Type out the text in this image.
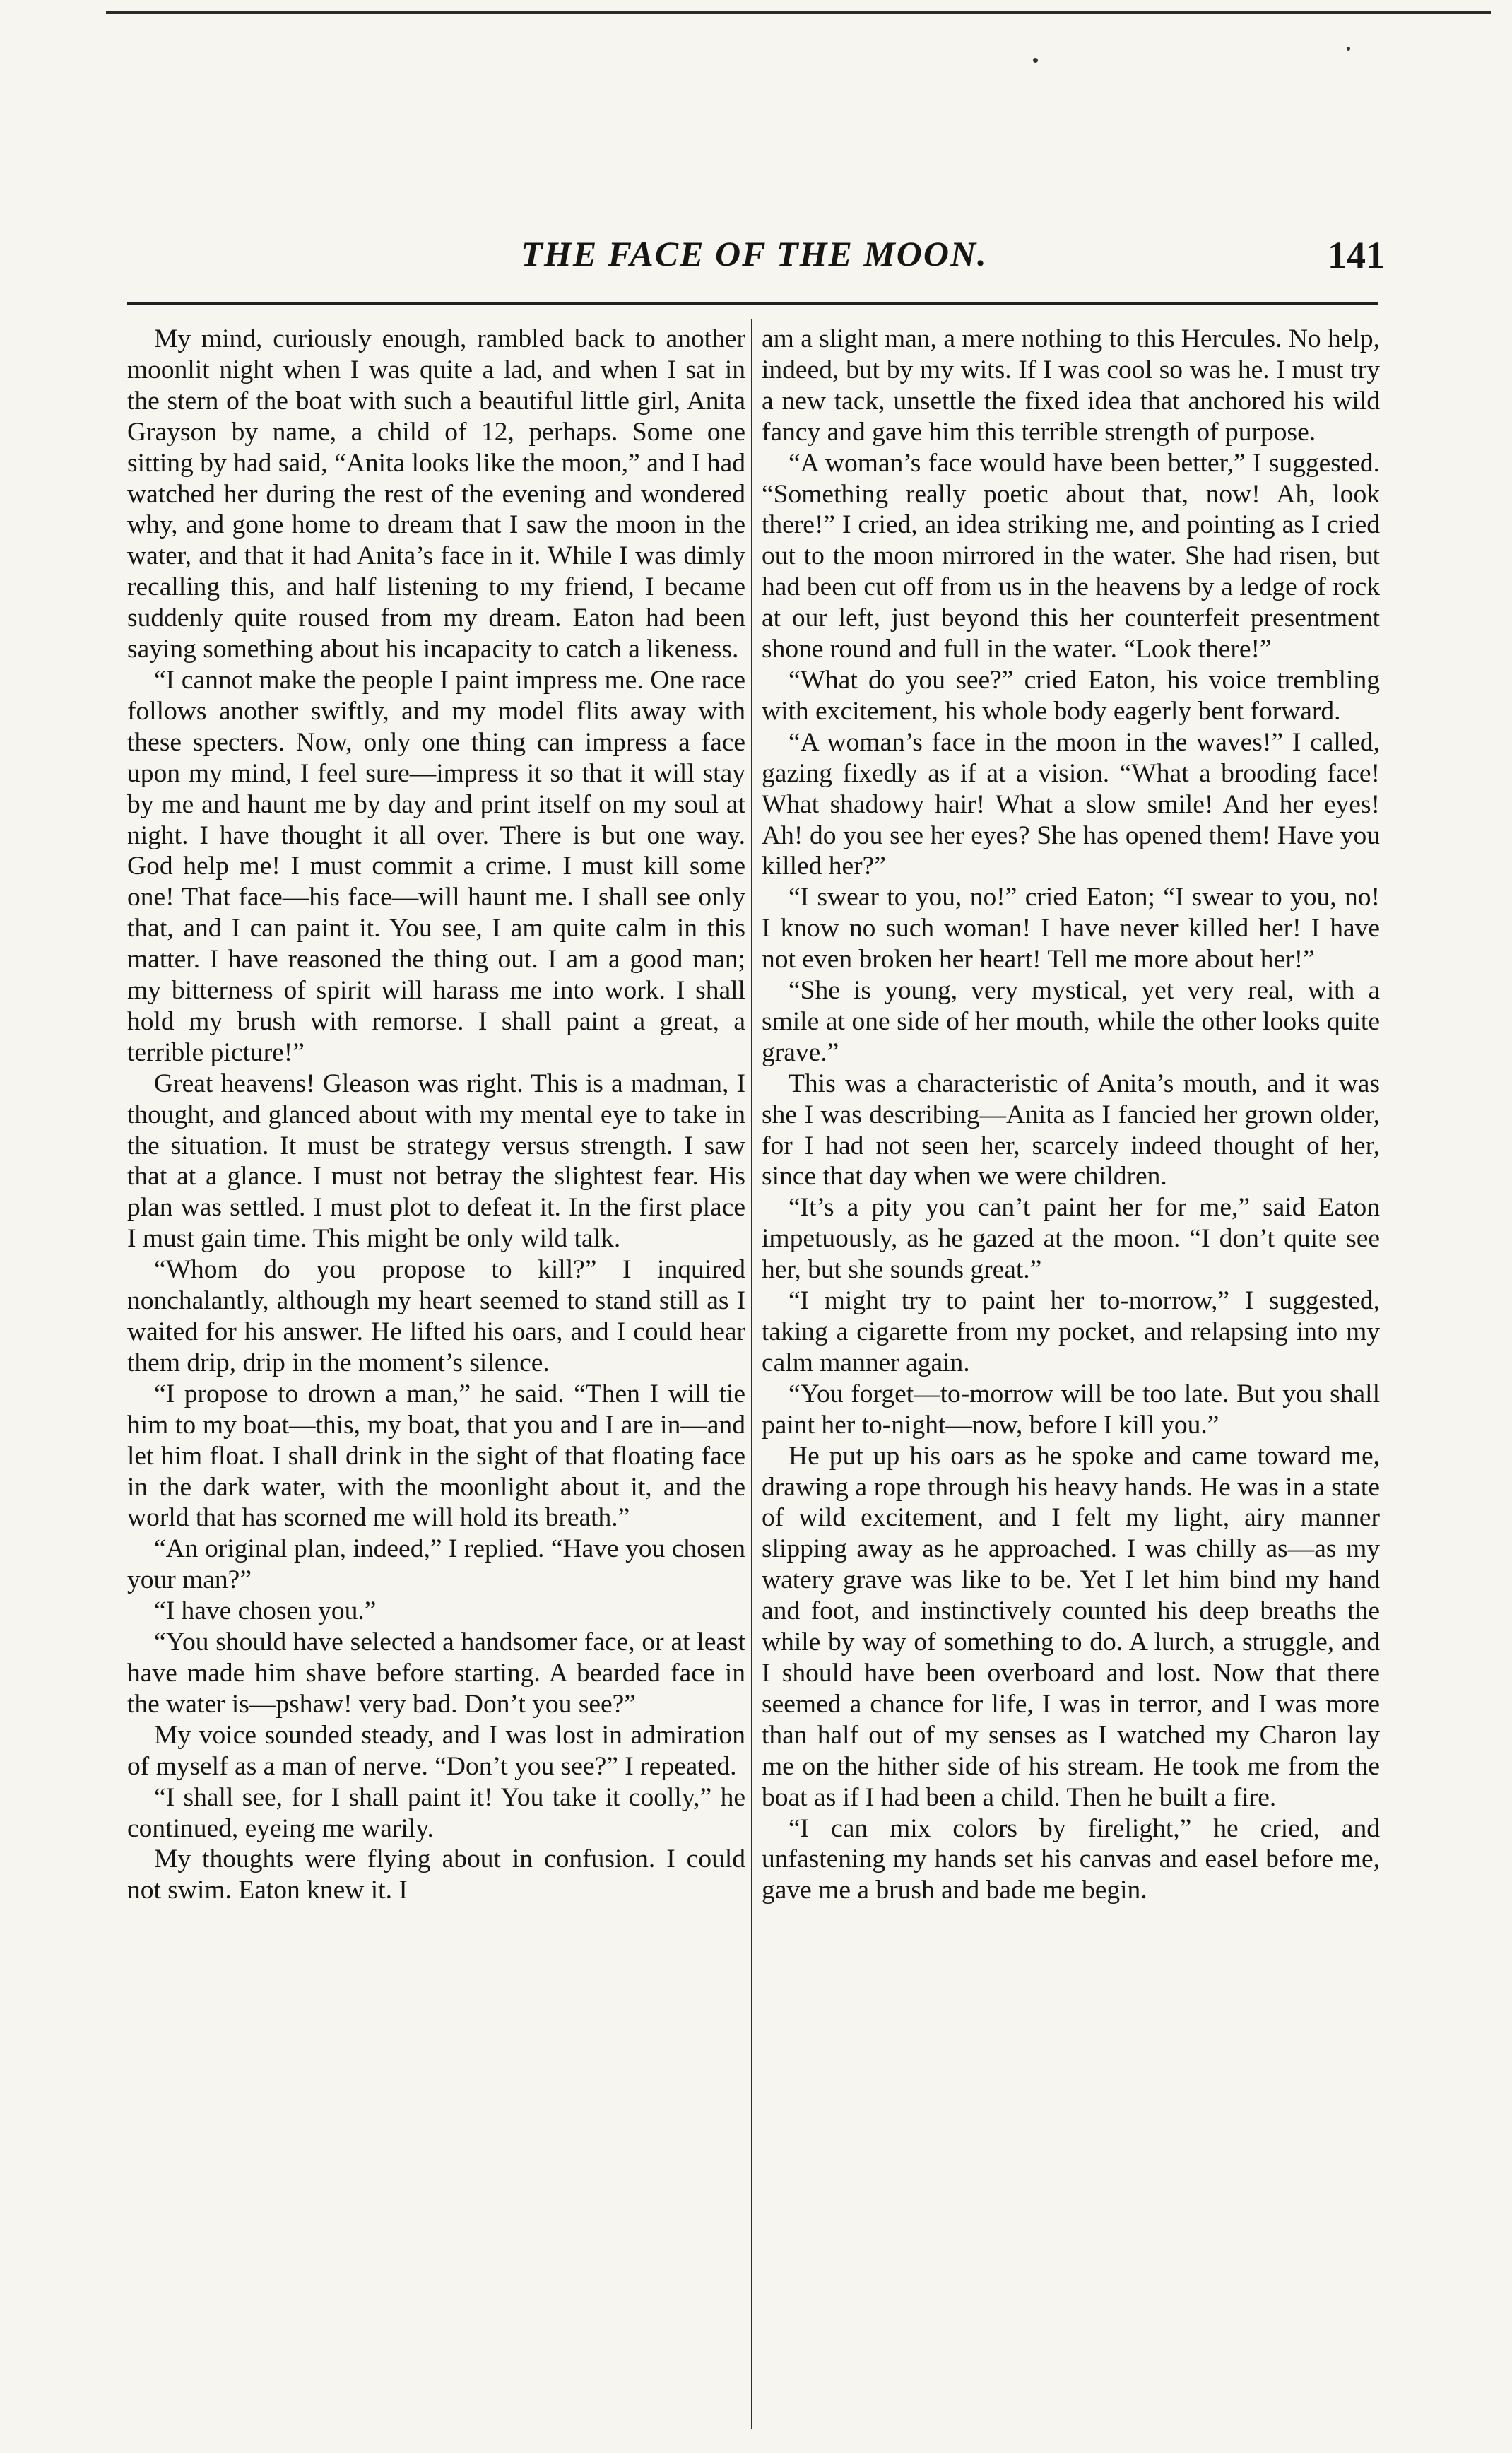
THE FACE OF THE MOON.	141

My mind, curiously enough, rambled back to another moonlit night when I was quite a lad, and when I sat in the stern of the boat with such a beautiful little girl, Anita Grayson by name, a child of 12, perhaps. Some one sitting by had said, “Anita looks like the moon,” and I had watched her during the rest of the evening and wondered why, and gone home to dream that I saw the moon in the water, and that it had Anita’s face in it. While I was dimly recalling this, and half listening to my friend, I became suddenly quite roused from my dream. Eaton had been saying something about his incapacity to catch a likeness.

“I cannot make the people I paint impress me. One race follows another swiftly, and my model flits away with these specters. Now, only one thing can impress a face upon my mind, I feel sure—impress it so that it will stay by me and haunt me by day and print itself on my soul at night. I have thought it all over. There is but one way. God help me! I must commit a crime. I must kill some one! That face—his face—will haunt me. I shall see only that, and I can paint it. You see, I am quite calm in this matter. I have reasoned the thing out. I am a good man; my bitterness of spirit will harass me into work. I shall hold my brush with remorse. I shall paint a great, a terrible picture!”

Great heavens! Gleason was right. This is a madman, I thought, and glanced about with my mental eye to take in the situation. It must be strategy versus strength. I saw that at a glance. I must not betray the slightest fear. His plan was settled. I must plot to defeat it. In the first place I must gain time. This might be only wild talk.

“Whom do you propose to kill?” I inquired nonchalantly, although my heart seemed to stand still as I waited for his answer. He lifted his oars, and I could hear them drip, drip in the moment’s silence.

“I propose to drown a man,” he said. “Then I will tie him to my boat—this, my boat, that you and I are in—and let him float. I shall drink in the sight of that floating face in the dark water, with the moonlight about it, and the world that has scorned me will hold its breath.”

“An original plan, indeed,” I replied. “Have you chosen your man?”

“I have chosen you.”

“You should have selected a handsomer face, or at least have made him shave before starting. A bearded face in the water is—pshaw! very bad. Don’t you see?”

My voice sounded steady, and I was lost in admiration of myself as a man of nerve. “Don’t you see?” I repeated.

“I shall see, for I shall paint it! You take it coolly,” he continued, eyeing me warily.

My thoughts were flying about in confusion. I could not swim. Eaton knew it. I

am a slight man, a mere nothing to this Hercules. No help, indeed, but by my wits. If I was cool so was he. I must try a new tack, unsettle the fixed idea that anchored his wild fancy and gave him this terrible strength of purpose.

“A woman’s face would have been better,” I suggested. “Something really poetic about that, now! Ah, look there!” I cried, an idea striking me, and pointing as I cried out to the moon mirrored in the water. She had risen, but had been cut off from us in the heavens by a ledge of rock at our left, just beyond this her counterfeit presentment shone round and full in the water. “Look there!”

“What do you see?” cried Eaton, his voice trembling with excitement, his whole body eagerly bent forward.

“A woman’s face in the moon in the waves!” I called, gazing fixedly as if at a vision. “What a brooding face! What shadowy hair! What a slow smile! And her eyes! Ah! do you see her eyes? She has opened them! Have you killed her?”

“I swear to you, no!” cried Eaton; “I swear to you, no! I know no such woman! I have never killed her! I have not even broken her heart! Tell me more about her!”

“She is young, very mystical, yet very real, with a smile at one side of her mouth, while the other looks quite grave.”

This was a characteristic of Anita’s mouth, and it was she I was describing—Anita as I fancied her grown older, for I had not seen her, scarcely indeed thought of her, since that day when we were children.

“It’s a pity you can’t paint her for me,” said Eaton impetuously, as he gazed at the moon. “I don’t quite see her, but she sounds great.”

“I might try to paint her to-morrow,” I suggested, taking a cigarette from my pocket, and relapsing into my calm manner again.

“You forget—to-morrow will be too late. But you shall paint her to-night—now, before I kill you.”

He put up his oars as he spoke and came toward me, drawing a rope through his heavy hands. He was in a state of wild excitement, and I felt my light, airy manner slipping away as he approached. I was chilly as—as my watery grave was like to be. Yet I let him bind my hand and foot, and instinctively counted his deep breaths the while by way of something to do. A lurch, a struggle, and I should have been overboard and lost. Now that there seemed a chance for life, I was in terror, and I was more than half out of my senses as I watched my Charon lay me on the hither side of his stream. He took me from the boat as if I had been a child. Then he built a fire.

“I can mix colors by firelight,” he cried, and unfastening my hands set his canvas and easel before me, gave me a brush and bade me begin.
